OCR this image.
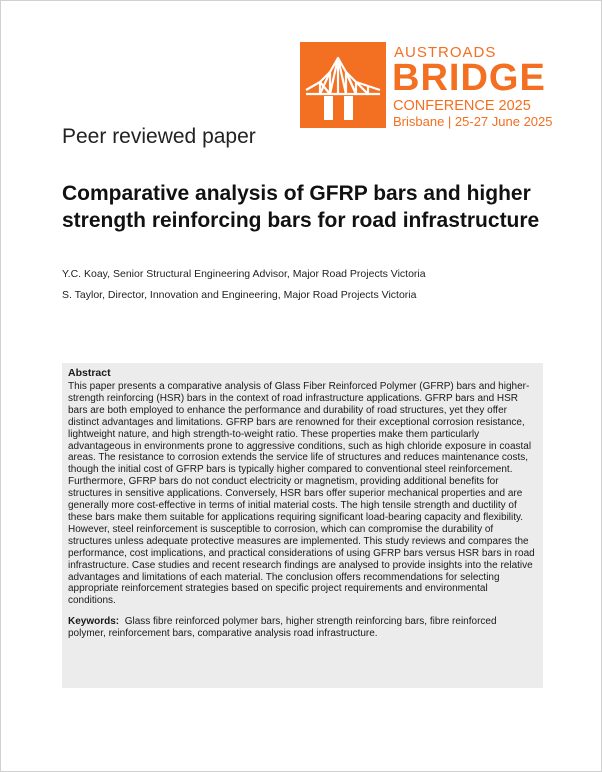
AUSTROADS
BRIDGE
CONFERENCE 2025
Brisbane | 25-27 June 2025
Peer reviewed paper
Comparative analysis of GFRP bars and higher strength reinforcing bars for road infrastructure
Y.C. Koay, Senior Structural Engineering Advisor, Major Road Projects Victoria
S. Taylor, Director, Innovation and Engineering, Major Road Projects Victoria
Abstract
This paper presents a comparative analysis of Glass Fiber Reinforced Polymer (GFRP) bars and higher-strength reinforcing (HSR) bars in the context of road infrastructure applications. GFRP bars and HSR bars are both employed to enhance the performance and durability of road structures, yet they offer distinct advantages and limitations. GFRP bars are renowned for their exceptional corrosion resistance, lightweight nature, and high strength-to-weight ratio. These properties make them particularly advantageous in environments prone to aggressive conditions, such as high chloride exposure in coastal areas. The resistance to corrosion extends the service life of structures and reduces maintenance costs, though the initial cost of GFRP bars is typically higher compared to conventional steel reinforcement. Furthermore, GFRP bars do not conduct electricity or magnetism, providing additional benefits for structures in sensitive applications. Conversely, HSR bars offer superior mechanical properties and are generally more cost-effective in terms of initial material costs. The high tensile strength and ductility of these bars make them suitable for applications requiring significant load-bearing capacity and flexibility. However, steel reinforcement is susceptible to corrosion, which can compromise the durability of structures unless adequate protective measures are implemented. This study reviews and compares the performance, cost implications, and practical considerations of using GFRP bars versus HSR bars in road infrastructure. Case studies and recent research findings are analysed to provide insights into the relative advantages and limitations of each material. The conclusion offers recommendations for selecting appropriate reinforcement strategies based on specific project requirements and environmental conditions.
Keywords: Glass fibre reinforced polymer bars, higher strength reinforcing bars, fibre reinforced polymer, reinforcement bars, comparative analysis road infrastructure.
